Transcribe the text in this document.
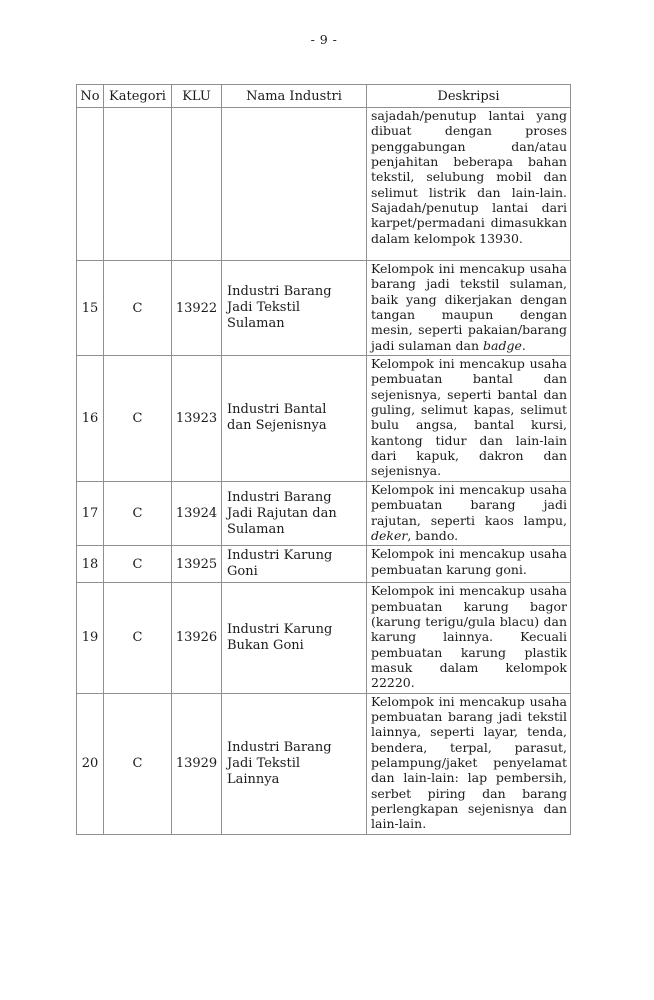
- 9 -
No	Kategori	KLU	Nama Industri	Deskripsi
				sajadah/penutup lantai yang dibuat dengan proses penggabungan dan/atau penjahitan beberapa bahan tekstil, selubung mobil dan selimut listrik dan lain-lain. Sajadah/penutup lantai dari karpet/permadani dimasukkan dalam kelompok 13930.
15	C	13922	Industri Barang Jadi Tekstil Sulaman	Kelompok ini mencakup usaha barang jadi tekstil sulaman, baik yang dikerjakan dengan tangan maupun dengan mesin, seperti pakaian/barang jadi sulaman dan badge.
16	C	13923	Industri Bantal dan Sejenisnya	Kelompok ini mencakup usaha pembuatan bantal dan sejenisnya, seperti bantal dan guling, selimut kapas, selimut bulu angsa, bantal kursi, kantong tidur dan lain-lain dari kapuk, dakron dan sejenisnya.
17	C	13924	Industri Barang Jadi Rajutan dan Sulaman	Kelompok ini mencakup usaha pembuatan barang jadi rajutan, seperti kaos lampu, deker, bando.
18	C	13925	Industri Karung Goni	Kelompok ini mencakup usaha pembuatan karung goni.
19	C	13926	Industri Karung Bukan Goni	Kelompok ini mencakup usaha pembuatan karung bagor (karung terigu/gula blacu) dan karung lainnya. Kecuali pembuatan karung plastik masuk dalam kelompok 22220.
20	C	13929	Industri Barang Jadi Tekstil Lainnya	Kelompok ini mencakup usaha pembuatan barang jadi tekstil lainnya, seperti layar, tenda, bendera, terpal, parasut, pelampung/jaket penyelamat dan lain-lain: lap pembersih, serbet piring dan barang perlengkapan sejenisnya dan lain-lain.
